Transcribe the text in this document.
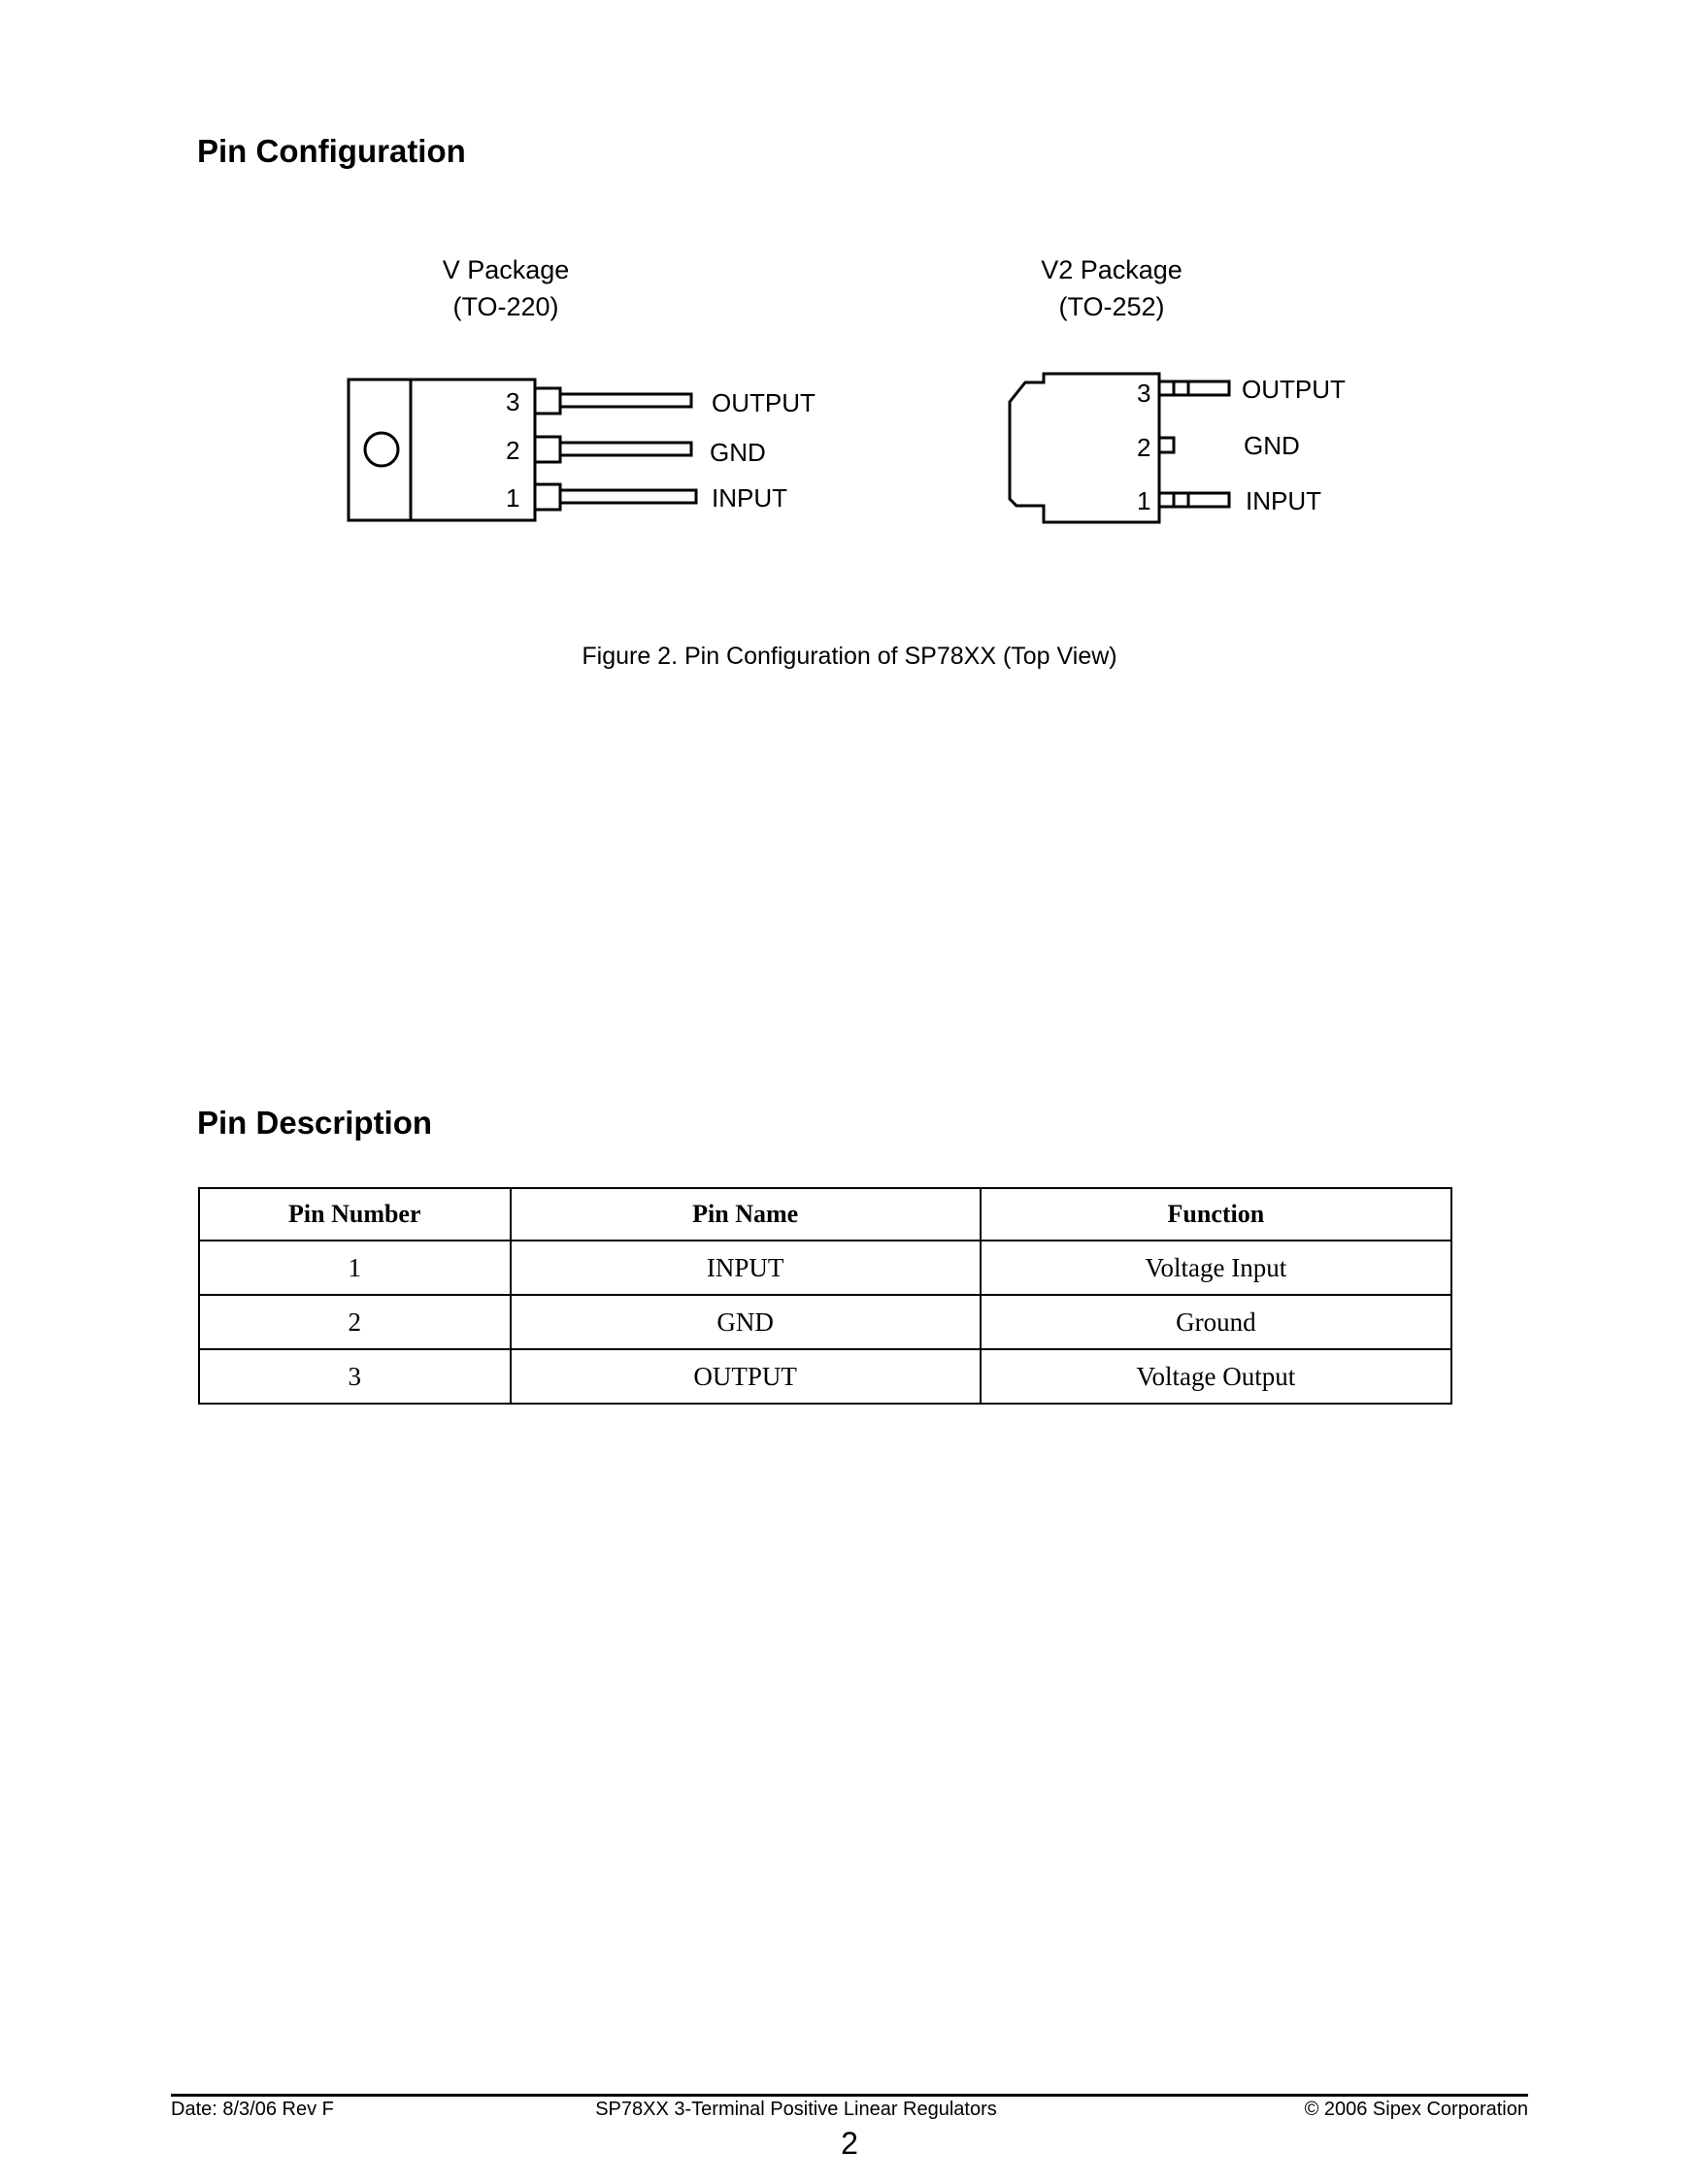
Pin Configuration
V Package
(TO-220)
V2 Package
(TO-252)
3
2
1
OUTPUT
GND
INPUT
3
2
1
OUTPUT
GND
INPUT
Figure 2. Pin Configuration of SP78XX (Top View)
Pin Description
Pin Number	Pin Name	Function
1	INPUT	Voltage Input
2	GND	Ground
3	OUTPUT	Voltage Output
Date: 8/3/06 Rev F	SP78XX 3-Terminal Positive Linear Regulators	© 2006 Sipex Corporation
2
